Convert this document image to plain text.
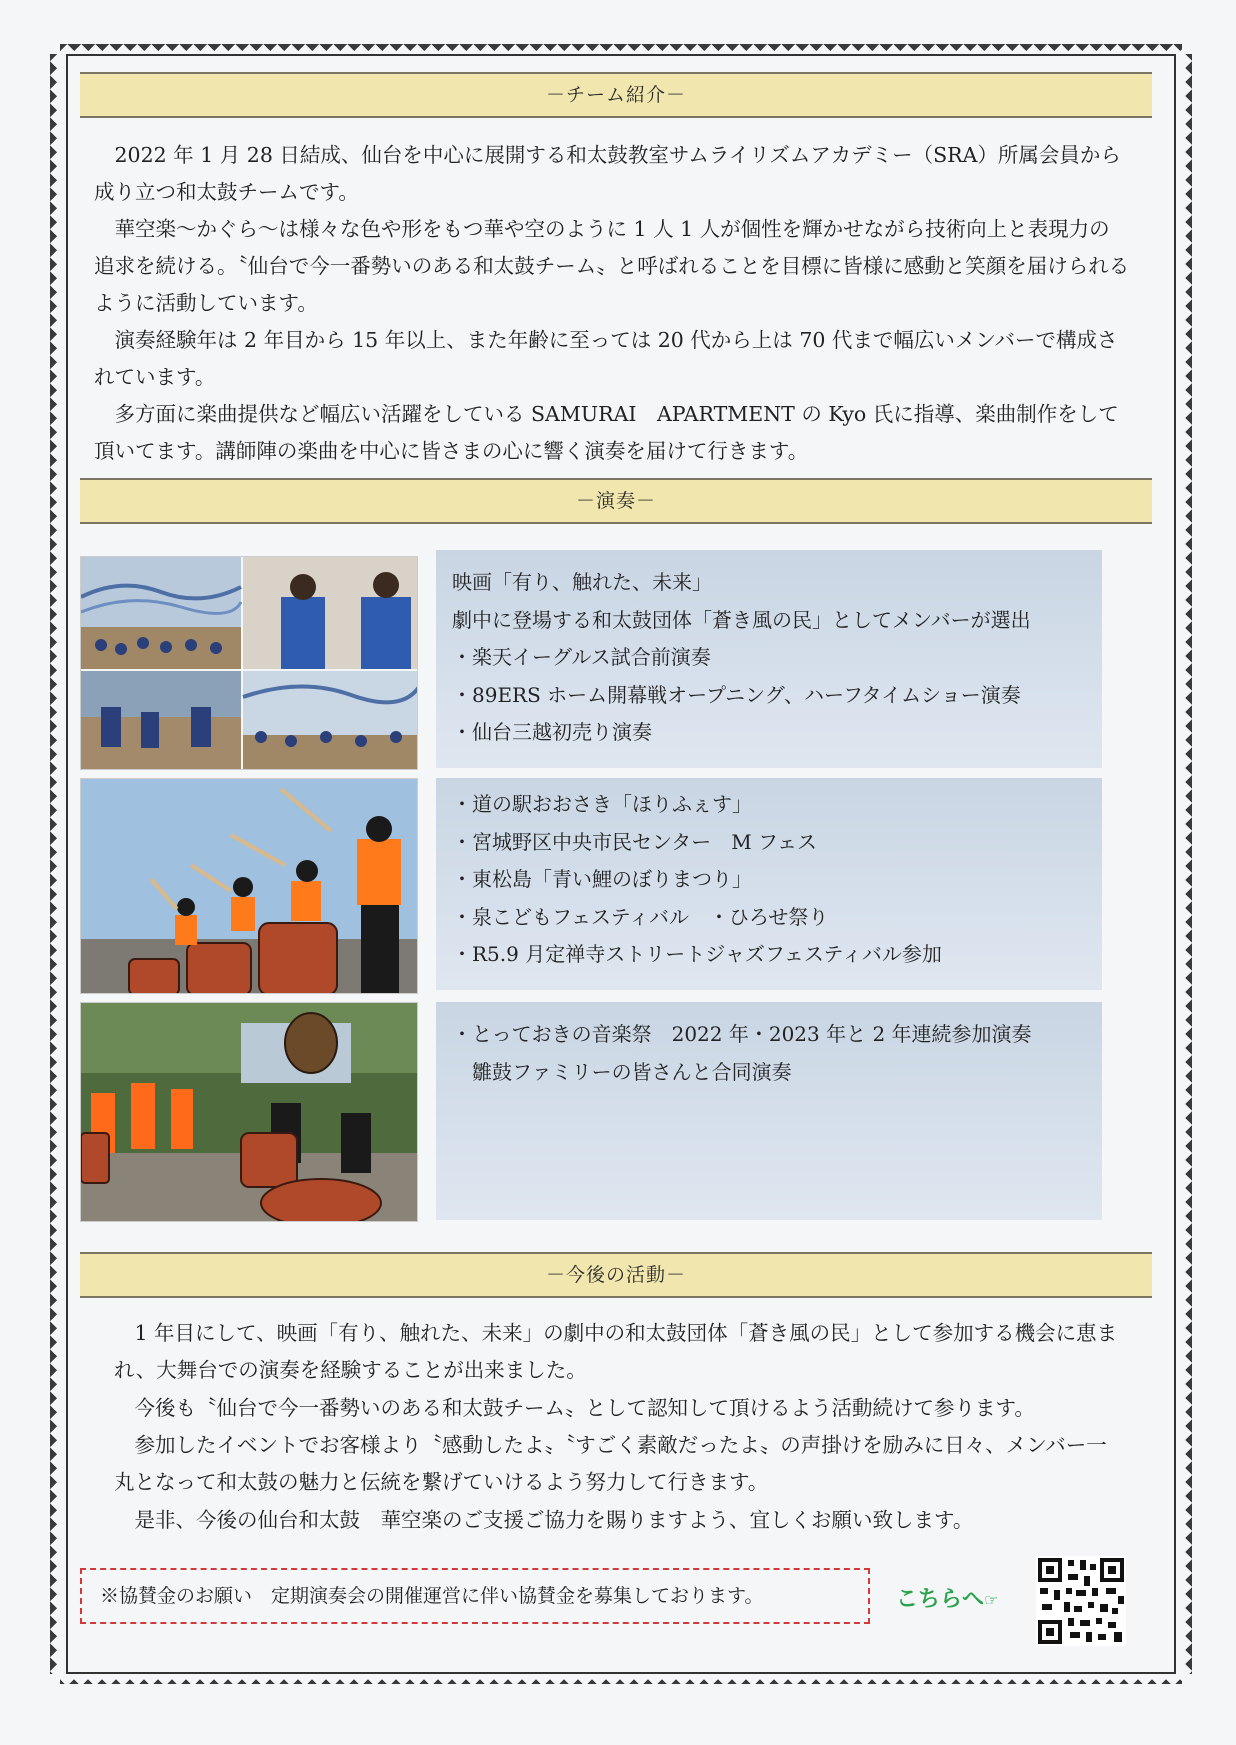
－チーム紹介－
2022 年 1 月 28 日結成、仙台を中心に展開する和太鼓教室サムライリズムアカデミー（SRA）所属会員から成り立つ和太鼓チームです。
華空楽～かぐら～は様々な色や形をもつ華や空のように 1 人 1 人が個性を輝かせながら技術向上と表現力の追求を続ける。〝仙台で今一番勢いのある和太鼓チーム〟と呼ばれることを目標に皆様に感動と笑顔を届けられるように活動しています。
演奏経験年は 2 年目から 15 年以上、また年齢に至っては 20 代から上は 70 代まで幅広いメンバーで構成されています。
多方面に楽曲提供など幅広い活躍をしている SAMURAI　APARTMENT の Kyo 氏に指導、楽曲制作をして頂いてます。講師陣の楽曲を中心に皆さまの心に響く演奏を届けて行きます。
－演奏－
映画「有り、触れた、未来」
劇中に登場する和太鼓団体「蒼き風の民」としてメンバーが選出
・楽天イーグルス試合前演奏
・89ERS ホーム開幕戦オープニング、ハーフタイムショー演奏
・仙台三越初売り演奏
・道の駅おおさき「ほりふぇす」
・宮城野区中央市民センター　M フェス
・東松島「青い鯉のぼりまつり」
・泉こどもフェスティバル　・ひろせ祭り
・R5.9 月定禅寺ストリートジャズフェスティバル参加
・とっておきの音楽祭　2022 年・2023 年と 2 年連続参加演奏
　雛鼓ファミリーの皆さんと合同演奏
－今後の活動－
1 年目にして、映画「有り、触れた、未来」の劇中の和太鼓団体「蒼き風の民」として参加する機会に恵まれ、大舞台での演奏を経験することが出来ました。
今後も〝仙台で今一番勢いのある和太鼓チーム〟として認知して頂けるよう活動続けて参ります。
参加したイベントでお客様より〝感動したよ〟〝すごく素敵だったよ〟の声掛けを励みに日々、メンバー一丸となって和太鼓の魅力と伝統を繋げていけるよう努力して行きます。
是非、今後の仙台和太鼓　華空楽のご支援ご協力を賜りますよう、宜しくお願い致します。
※協賛金のお願い　定期演奏会の開催運営に伴い協賛金を募集しております。	こちらへ☞
